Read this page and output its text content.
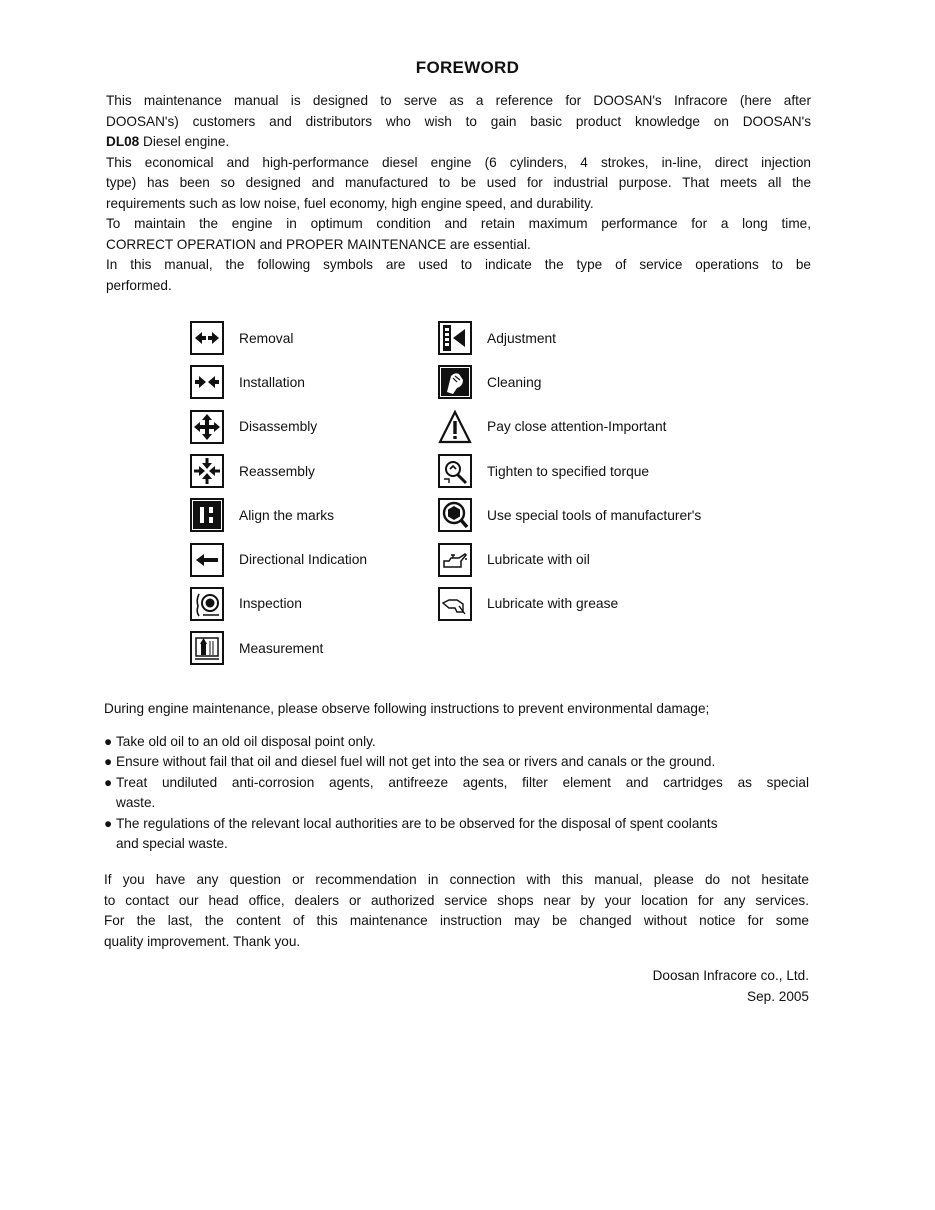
FOREWORD

This maintenance manual is designed to serve as a reference for DOOSAN's Infracore (here after
DOOSAN's) customers and distributors who wish to gain basic product knowledge on DOOSAN's
DL08 Diesel engine.

This economical and high-performance diesel engine (6 cylinders, 4 strokes, in-line, direct injection
type) has been so designed and manufactured to be used for industrial purpose. That meets all the
requirements such as low noise, fuel economy, high engine speed, and durability.

To maintain the engine in optimum condition and retain maximum performance for a long time,
CORRECT OPERATION and PROPER MAINTENANCE are essential.

In this manual, the following symbols are used to indicate the type of service operations to be
performed.

Removal
Installation
Disassembly
Reassembly
Align the marks
Directional Indication
Inspection
Measurement
Adjustment
Cleaning
Pay close attention-Important
Tighten to specified torque
Use special tools of manufacturer's
Lubricate with oil
Lubricate with grease

During engine maintenance, please observe following instructions to prevent environmental damage;

● Take old oil to an old oil disposal point only.
● Ensure without fail that oil and diesel fuel will not get into the sea or rivers and canals or the ground.
● Treat undiluted anti-corrosion agents, antifreeze agents, filter element and cartridges as special
waste.
● The regulations of the relevant local authorities are to be observed for the disposal of spent coolants
and special waste.

If you have any question or recommendation in connection with this manual, please do not hesitate
to contact our head office, dealers or authorized service shops near by your location for any services.
For the last, the content of this maintenance instruction may be changed without notice for some
quality improvement. Thank you.

Doosan Infracore co., Ltd.
Sep. 2005
